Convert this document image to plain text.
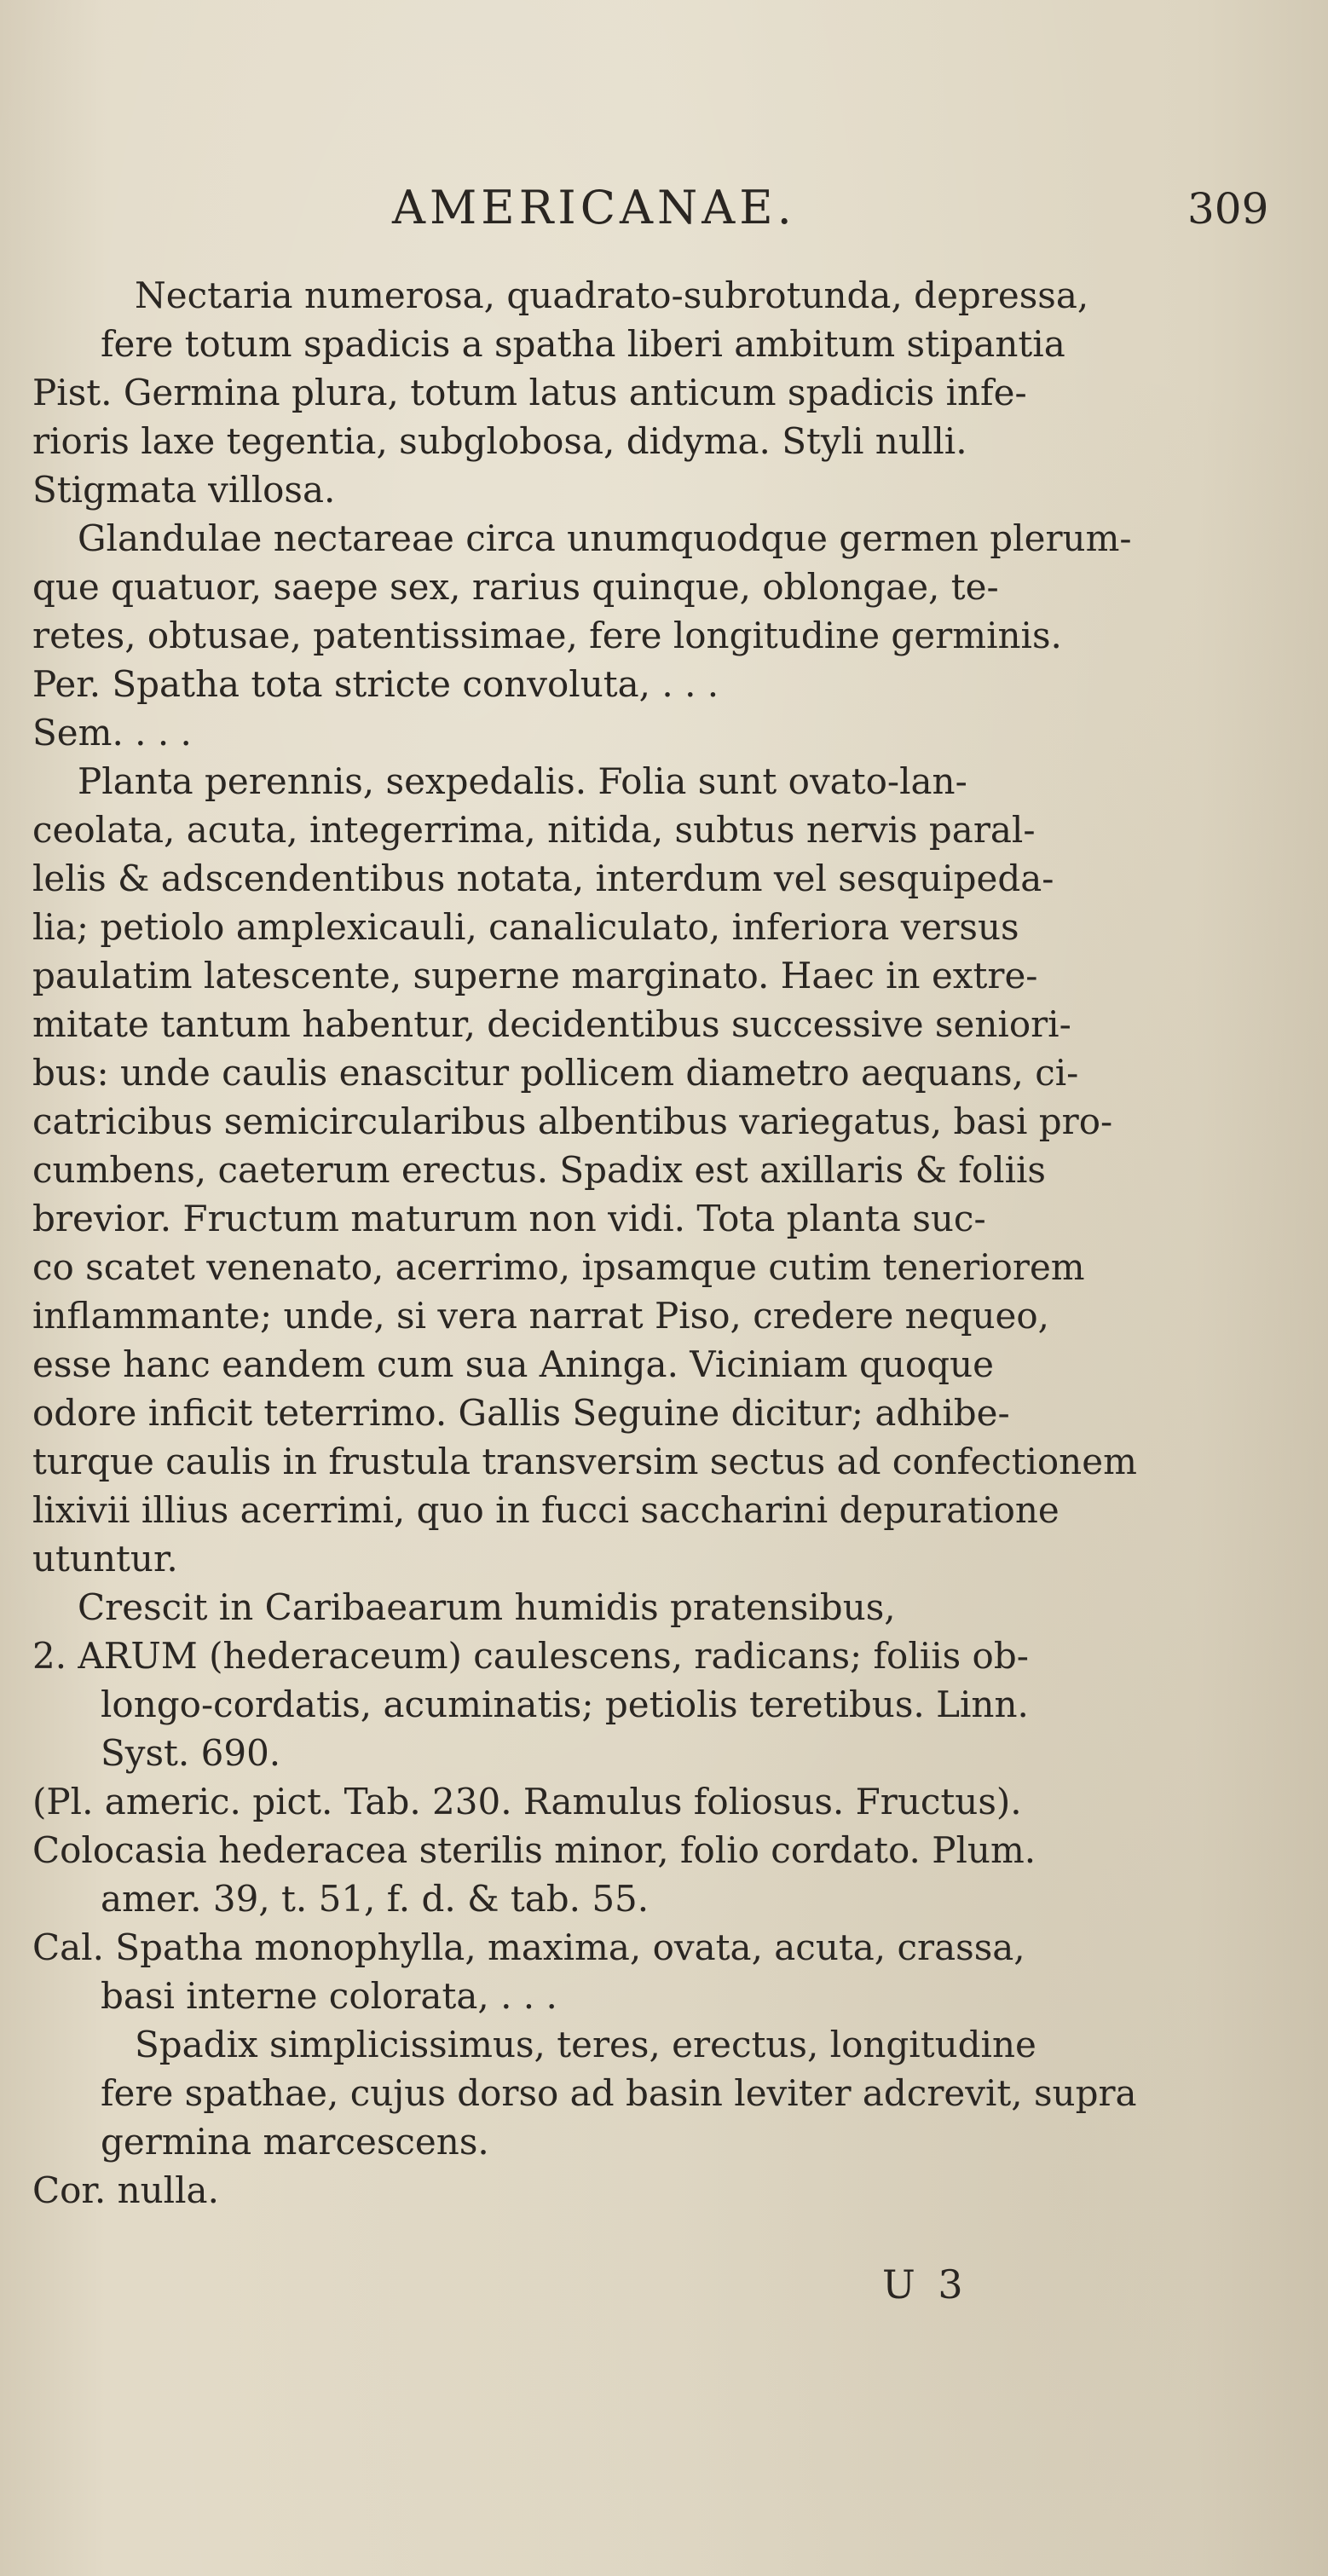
AMERICANAE.	309
Nectaria numerosa, quadrato-subrotunda, depressa,
fere totum spadicis a spatha liberi ambitum stipantia
Pist. Germina plura, totum latus anticum spadicis infe-
rioris laxe tegentia, subglobosa, didyma. Styli nulli.
Stigmata villosa.
Glandulae nectareae circa unumquodque germen plerum-
que quatuor, saepe sex, rarius quinque, oblongae, te-
retes, obtusae, patentissimae, fere longitudine germinis.
Per. Spatha tota stricte convoluta, . . .
Sem. . . .
Planta perennis, sexpedalis. Folia sunt ovato-lan-
ceolata, acuta, integerrima, nitida, subtus nervis paral-
lelis & adscendentibus notata, interdum vel sesquipeda-
lia; petiolo amplexicauli, canaliculato, inferiora versus
paulatim latescente, superne marginato. Haec in extre-
mitate tantum habentur, decidentibus successive seniori-
bus: unde caulis enascitur pollicem diametro aequans, ci-
catricibus semicircularibus albentibus variegatus, basi pro-
cumbens, caeterum erectus. Spadix est axillaris & foliis
brevior. Fructum maturum non vidi. Tota planta suc-
co scatet venenato, acerrimo, ipsamque cutim teneriorem
inflammante; unde, si vera narrat Piso, credere nequeo,
esse hanc eandem cum sua Aninga. Viciniam quoque
odore inficit teterrimo. Gallis Seguine dicitur; adhibe-
turque caulis in frustula transversim sectus ad confectionem
lixivii illius acerrimi, quo in fucci saccharini depuratione
utuntur.
Crescit in Caribaearum humidis pratensibus,
2. ARUM (hederaceum) caulescens, radicans; foliis ob-
longo-cordatis, acuminatis; petiolis teretibus. Linn.
Syst. 690.
(Pl. americ. pict. Tab. 230. Ramulus foliosus. Fructus).
Colocasia hederacea sterilis minor, folio cordato. Plum.
amer. 39, t. 51, f. d. & tab. 55.
Cal. Spatha monophylla, maxima, ovata, acuta, crassa,
basi interne colorata, . . .
Spadix simplicissimus, teres, erectus, longitudine
fere spathae, cujus dorso ad basin leviter adcrevit, supra
germina marcescens.
Cor. nulla.
U 3
